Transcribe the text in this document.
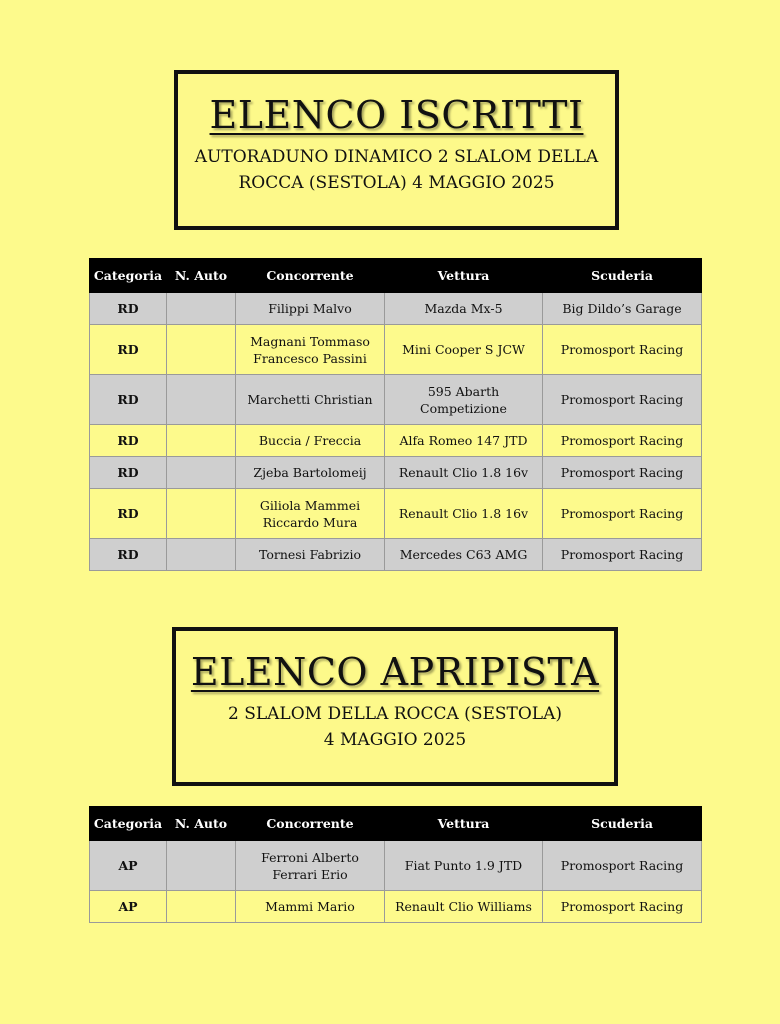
ELENCO ISCRITTI
AUTORADUNO DINAMICO 2 SLALOM DELLA
ROCCA (SESTOLA) 4 MAGGIO 2025
Categoria	N. Auto	Concorrente	Vettura	Scuderia
RD		Filippi Malvo	Mazda Mx-5	Big Dildo’s Garage
RD		Magnani Tommaso
Francesco Passini	Mini Cooper S JCW	Promosport Racing
RD		Marchetti Christian	595 Abarth
Competizione	Promosport Racing
RD		Buccia / Freccia	Alfa Romeo 147 JTD	Promosport Racing
RD		Zjeba Bartolomeij	Renault Clio 1.8 16v	Promosport Racing
RD		Giliola Mammei
Riccardo Mura	Renault Clio 1.8 16v	Promosport Racing
RD		Tornesi Fabrizio	Mercedes C63 AMG	Promosport Racing
ELENCO APRIPISTA
2 SLALOM DELLA ROCCA (SESTOLA)
4 MAGGIO 2025
Categoria	N. Auto	Concorrente	Vettura	Scuderia
AP		Ferroni Alberto
Ferrari Erio	Fiat Punto 1.9 JTD	Promosport Racing
AP		Mammi Mario	Renault Clio Williams	Promosport Racing
